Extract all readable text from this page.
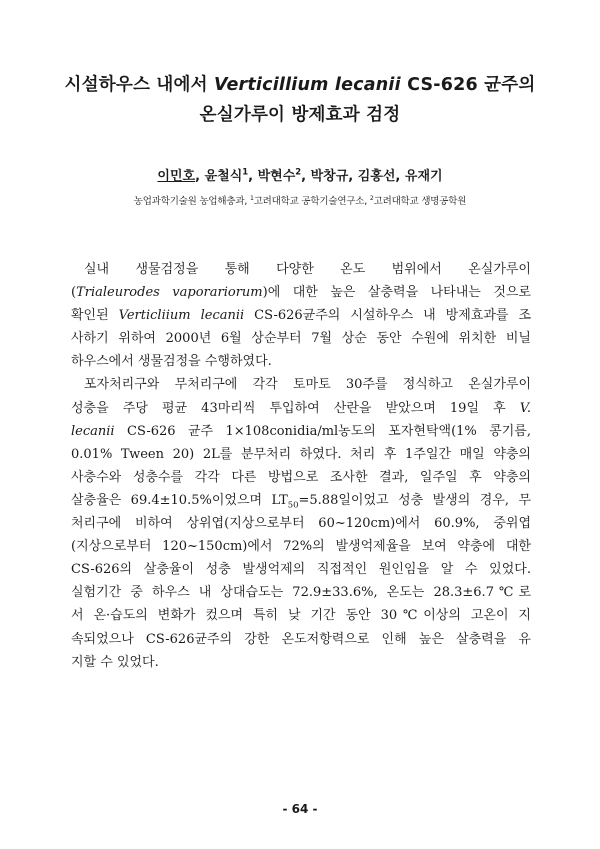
시설하우스 내에서 Verticillium lecanii CS-626 균주의
온실가루이 방제효과 검정
이민호, 윤철식$^1$, 박현수$^2$, 박창규, 김홍선, 유재기
농업과학기술원 농업해충과, $^1$고려대학교 공학기술연구소, $^2$고려대학교 생명공학원
실내 생물검정을 통해 다양한 온도 범위에서 온실가루이
(Trialeurodes vaporariorum)에 대한 높은 살충력을 나타내는 것으로
확인된 Verticliium lecanii CS-626균주의 시설하우스 내 방제효과를 조
사하기 위하여 2000년 6월 상순부터 7월 상순 동안 수원에 위치한 비닐
하우스에서 생물검정을 수행하였다.
포자처리구와 무처리구에 각각 토마토 30주를 정식하고 온실가루이
성충을 주당 평균 43마리씩 투입하여 산란을 받았으며 19일 후 V.
lecanii CS-626 균주 1×108conidia/ml농도의 포자현탁액(1% 콩기름,
0.01% Tween 20) 2L를 분무처리 하였다. 처리 후 1주일간 매일 약충의
사충수와 성충수를 각각 다른 방법으로 조사한 결과, 일주일 후 약충의
살충율은 69.4±10.5%이었으며 $LT_{50}=5.88$일이었고 성충 발생의 경우, 무
처리구에 비하여 상위엽(지상으로부터 60~120cm)에서 60.9%, 중위엽
(지상으로부터 120~150cm)에서 72%의 발생억제율을 보여 약충에 대한
CS-626의 살충율이 성충 발생억제의 직접적인 원인임을 알 수 있었다.
실험기간 중 하우스 내 상대습도는 72.9±33.6%, 온도는 28.3±6.7℃로
서 온·습도의 변화가 컸으며 특히 낮 기간 동안 30℃이상의 고온이 지
속되었으나 CS-626균주의 강한 온도저항력으로 인해 높은 살충력을 유
지할 수 있었다.
- 64 -
